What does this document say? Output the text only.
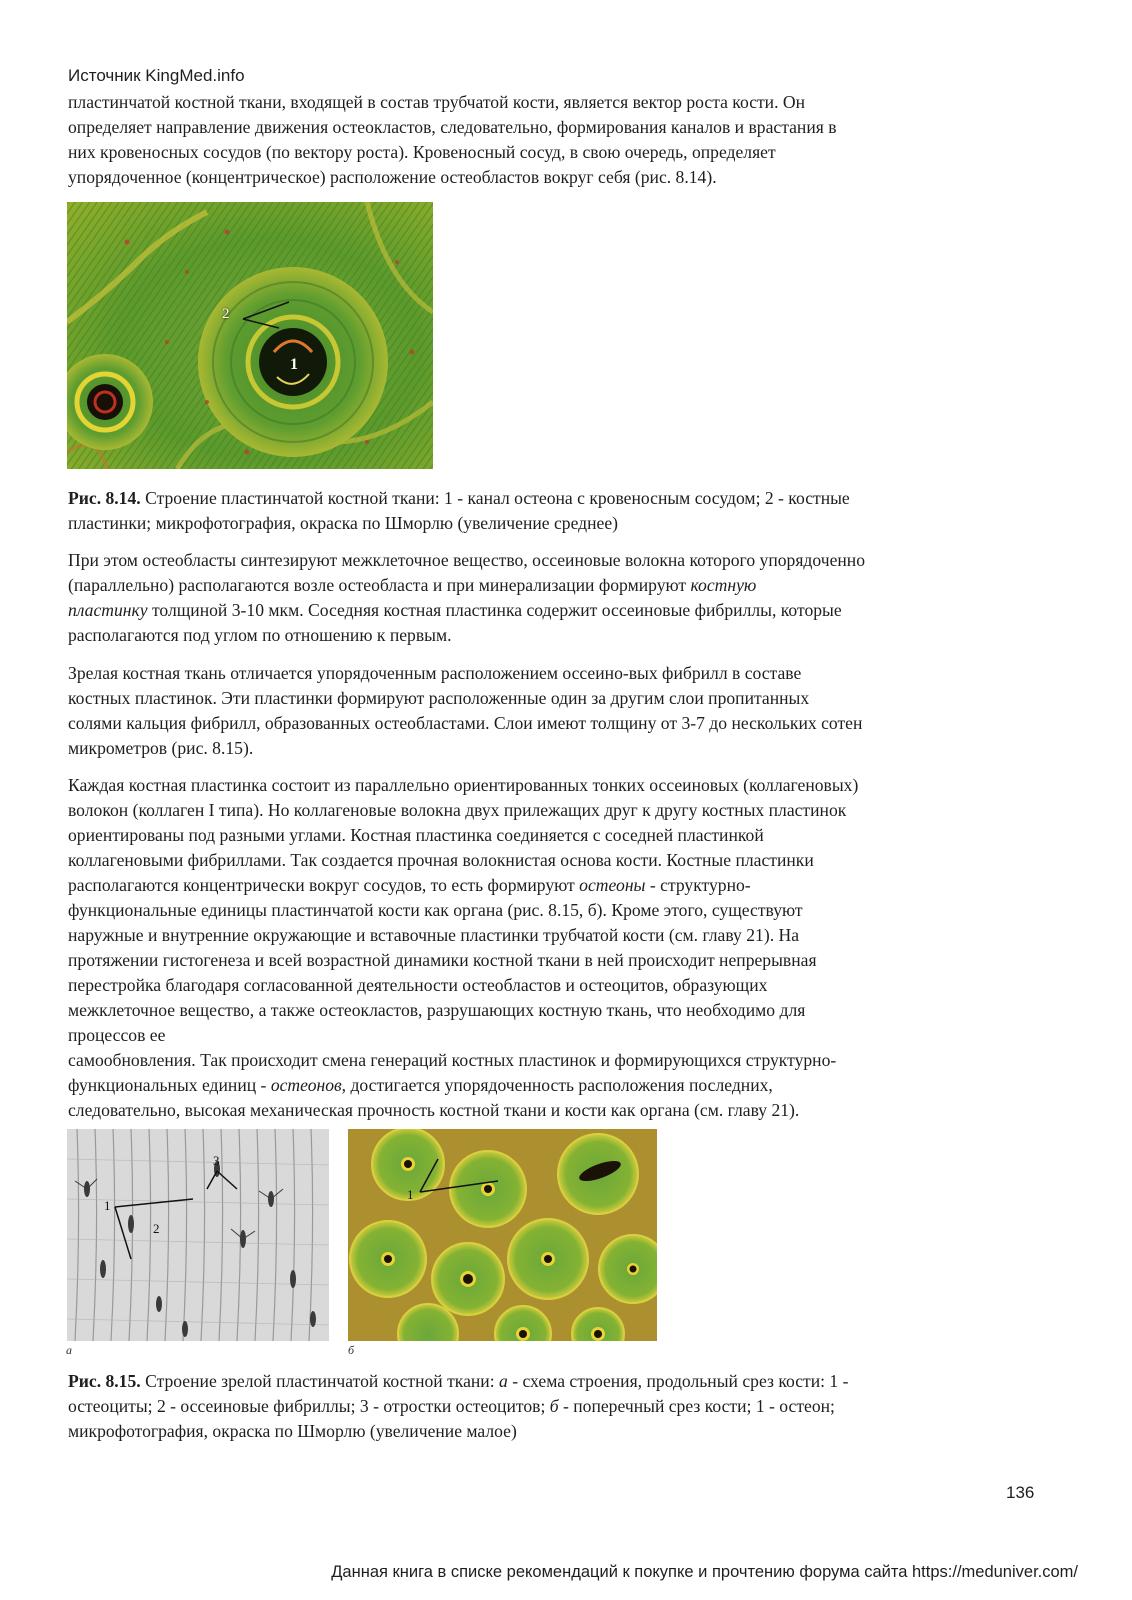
Источник KingMed.info

пластинчатой костной ткани, входящей в состав трубчатой кости, является вектор роста кости. Он
определяет направление движения остеокластов, следовательно, формирования каналов и врастания в
них кровеносных сосудов (по вектору роста). Кровеносный сосуд, в свою очередь, определяет
упорядоченное (концентрическое) расположение остеобластов вокруг себя (рис. 8.14).

2
1

Рис. 8.14. Строение пластинчатой костной ткани: 1 - канал остеона с кровеносным сосудом; 2 - костные
пластинки; микрофотография, окраска по Шморлю (увеличение среднее)

При этом остеобласты синтезируют межклеточное вещество, оссеиновые волокна которого упорядоченно
(параллельно) располагаются возле остеобласта и при минерализации формируют костную
пластинку толщиной 3-10 мкм. Соседняя костная пластинка содержит оссеиновые фибриллы, которые
располагаются под углом по отношению к первым.

Зрелая костная ткань отличается упорядоченным расположением оссеино-вых фибрилл в составе
костных пластинок. Эти пластинки формируют расположенные один за другим слои пропитанных
солями кальция фибрилл, образованных остеобластами. Слои имеют толщину от 3-7 до нескольких сотен
микрометров (рис. 8.15).

Каждая костная пластинка состоит из параллельно ориентированных тонких оссеиновых (коллагеновых)
волокон (коллаген I типа). Но коллагеновые волокна двух прилежащих друг к другу костных пластинок
ориентированы под разными углами. Костная пластинка соединяется с соседней пластинкой
коллагеновыми фибриллами. Так создается прочная волокнистая основа кости. Костные пластинки
располагаются концентрически вокруг сосудов, то есть формируют остеоны - структурно-
функциональные единицы пластинчатой кости как органа (рис. 8.15, б). Кроме этого, существуют
наружные и внутренние окружающие и вставочные пластинки трубчатой кости (см. главу 21). На
протяжении гистогенеза и всей возрастной динамики костной ткани в ней происходит непрерывная
перестройка благодаря согласованной деятельности остеобластов и остеоцитов, образующих
межклеточное вещество, а также остеокластов, разрушающих костную ткань, что необходимо для
процессов ее
самообновления. Так происходит смена генераций костных пластинок и формирующихся структурно-
функциональных единиц - остеонов, достигается упорядоченность расположения последних,
следовательно, высокая механическая прочность костной ткани и кости как органа (см. главу 21).

1
2
3
а
1
б

Рис. 8.15. Строение зрелой пластинчатой костной ткани: а - схема строения, продольный срез кости: 1 -
остеоциты; 2 - оссеиновые фибриллы; 3 - отростки остеоцитов; б - поперечный срез кости; 1 - остеон;
микрофотография, окраска по Шморлю (увеличение малое)

136
Данная книга в списке рекомендаций к покупке и прочтению форума сайта https://meduniver.com/
